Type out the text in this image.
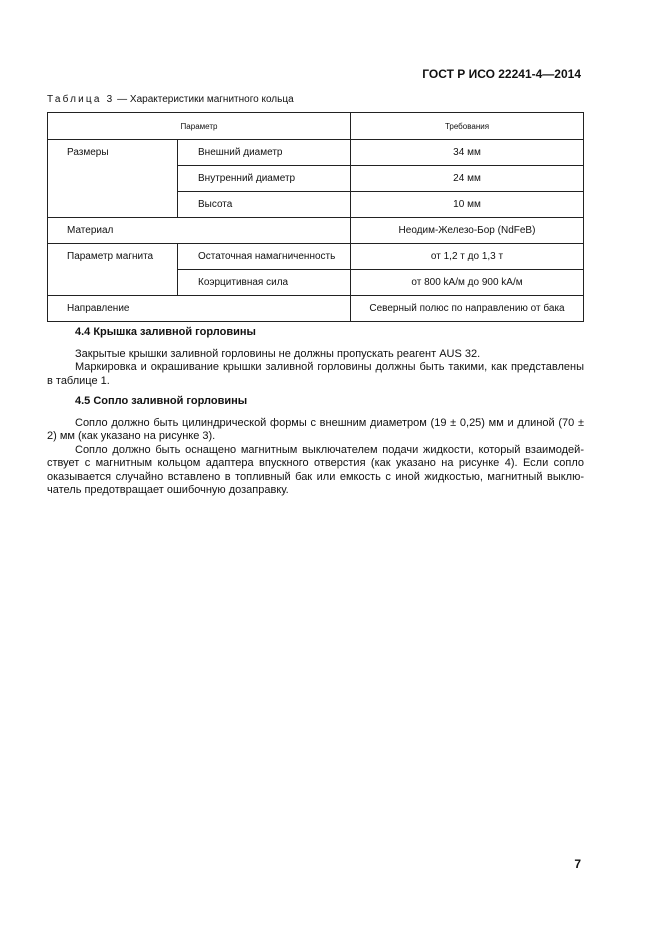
ГОСТ Р ИСО 22241-4—2014
Таблица 3 — Характеристики магнитного кольца
Параметр		Требования
Размеры	Внешний диаметр	34 мм
	Внутренний диаметр	24 мм
	Высота	10 мм
Материал		Неодим-Железо-Бор (NdFeB)
Параметр магнита	Остаточная намагниченность	от 1,2 т до 1,3 т
	Коэрцитивная сила	от 800 kA/м до 900 kA/м
Направление		Северный полюс по направлению от бака
4.4 Крышка заливной горловины

Закрытые крышки заливной горловины не должны пропускать реагент AUS 32.

Маркировка и окрашивание крышки заливной горловины должны быть такими, как представлены в таблице 1.

4.5 Сопло заливной горловины

Сопло должно быть цилиндрической формы с внешним диаметром (19 ± 0,25) мм и длиной (70 ± 2) мм (как указано на рисунке 3).

Сопло должно быть оснащено магнитным выключателем подачи жидкости, который взаимодей-ствует с магнитным кольцом адаптера впускного отверстия (как указано на рисунке 4). Если сопло оказывается случайно вставлено в топливный бак или емкость с иной жидкостью, магнитный выклю-чатель предотвращает ошибочную дозаправку.

7
